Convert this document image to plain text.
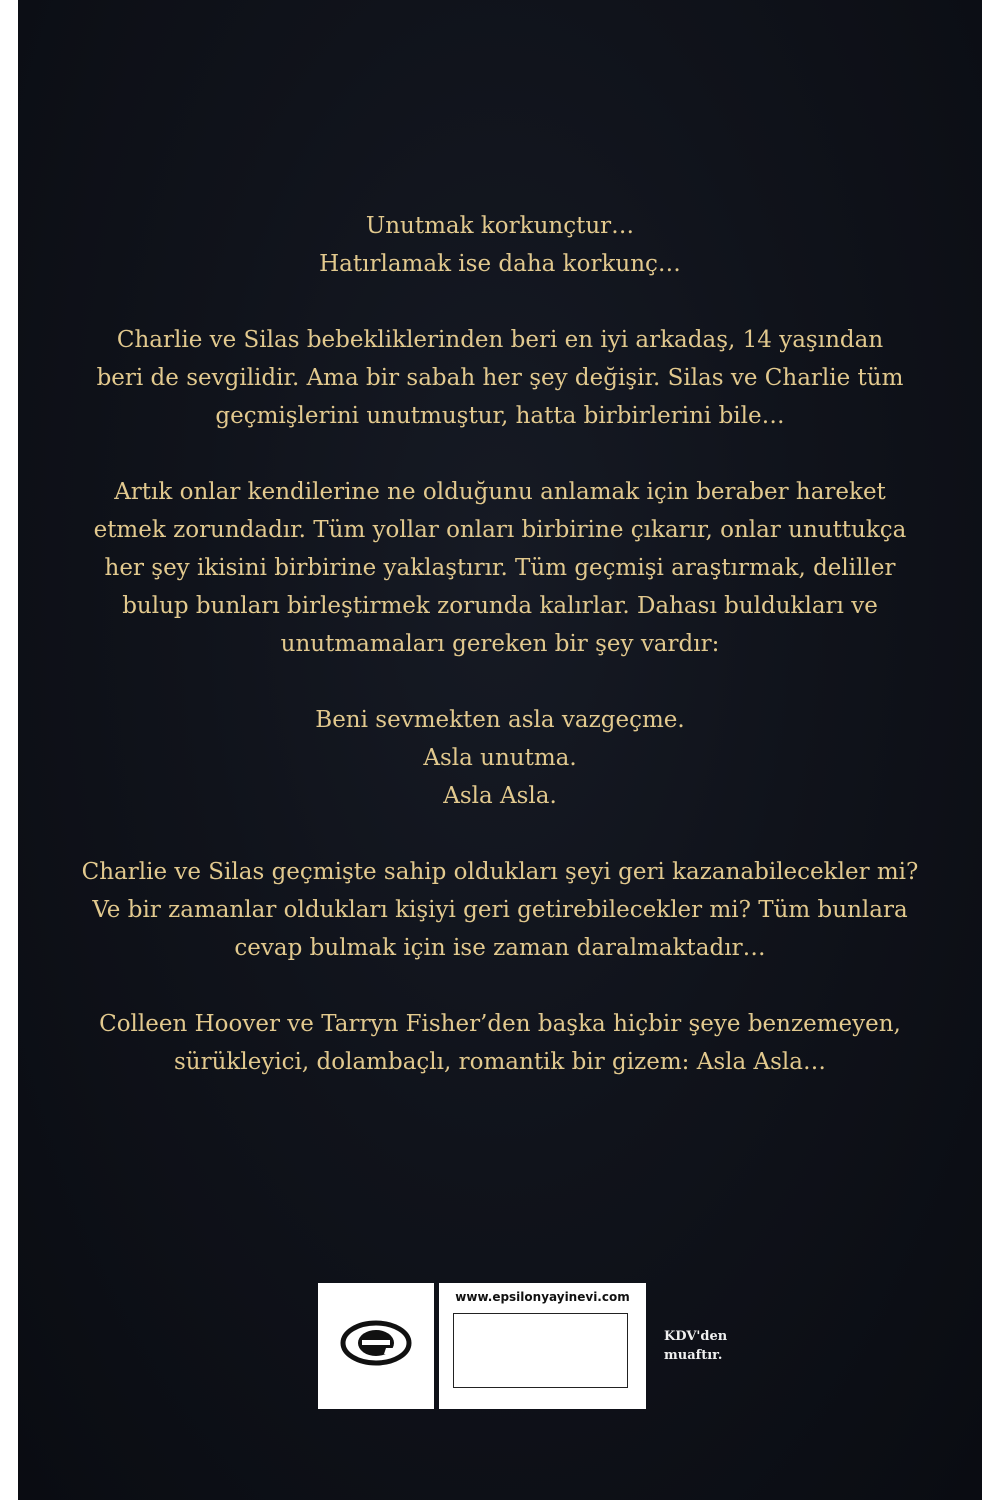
Unutmak korkunçtur…
Hatırlamak ise daha korkunç…

Charlie ve Silas bebekliklerinden beri en iyi arkadaş, 14 yaşından
beri de sevgilidir. Ama bir sabah her şey değişir. Silas ve Charlie tüm
geçmişlerini unutmuştur, hatta birbirlerini bile…

Artık onlar kendilerine ne olduğunu anlamak için beraber hareket
etmek zorundadır. Tüm yollar onları birbirine çıkarır, onlar unuttukça
her şey ikisini birbirine yaklaştırır. Tüm geçmişi araştırmak, deliller
bulup bunları birleştirmek zorunda kalırlar. Dahası buldukları ve
unutmamaları gereken bir şey vardır:

Beni sevmekten asla vazgeçme.
Asla unutma.
Asla Asla.

Charlie ve Silas geçmişte sahip oldukları şeyi geri kazanabilecekler mi?
Ve bir zamanlar oldukları kişiyi geri getirebilecekler mi? Tüm bunlara
cevap bulmak için ise zaman daralmaktadır…

Colleen Hoover ve Tarryn Fisher’den başka hiçbir şeye benzemeyen,
sürükleyici, dolambaçlı, romantik bir gizem: Asla Asla…

www.epsilonyayinevi.com
KDV'den
muaftır.
